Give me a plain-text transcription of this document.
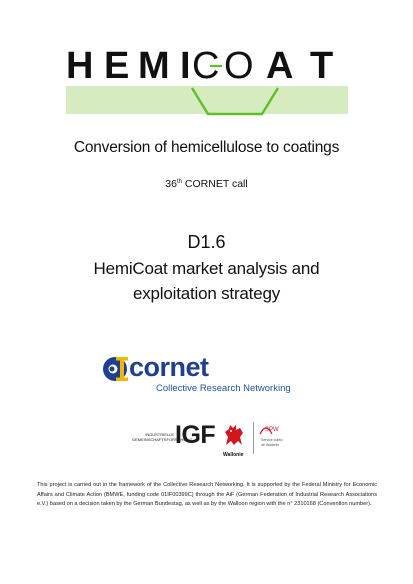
H E M I C O A T
Conversion of hemicellulose to coatings
36th CORNET call
D1.6
HemiCoat market analysis and
exploitation strategy
cornet
Collective Research Networking
INDUSTRIELLE
GEMEINSCHAFTSFORSCHUNG
IGF
Wallonie
SPW
Service public
de Wallonie
This project is carried out in the framework of the Collective Research Networking. It is supported by the Federal Ministry for Economic Affairs and Climate Action (BMWE, funding code 01IF00399C) through the AiF (German Federation of Industrial Research Associations e.V.) based on a decision taken by the German Bundestag, as well as by the Walloon region with the n° 2310168 (Convention number).
